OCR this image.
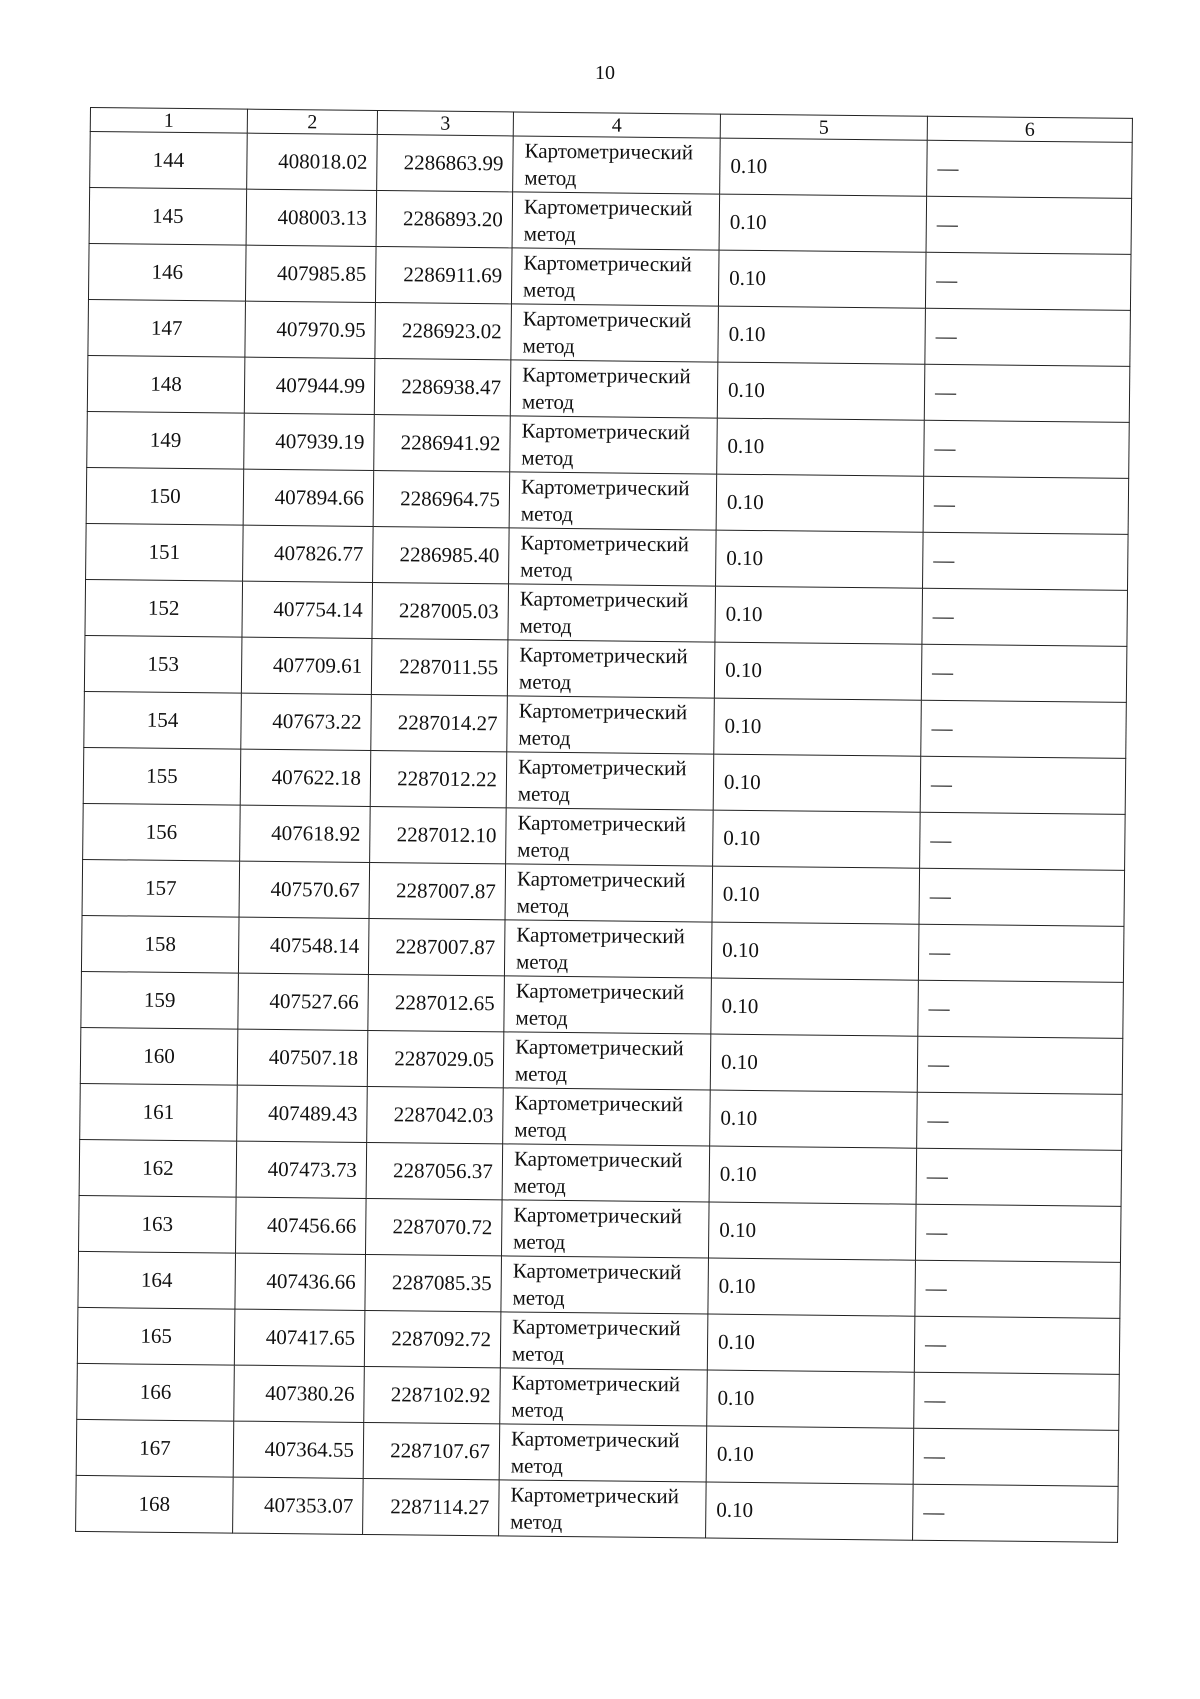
10
1	2	3	4	5	6
144	408018.02	2286863.99	Картометрический метод	0.10	—
145	408003.13	2286893.20	Картометрический метод	0.10	—
146	407985.85	2286911.69	Картометрический метод	0.10	—
147	407970.95	2286923.02	Картометрический метод	0.10	—
148	407944.99	2286938.47	Картометрический метод	0.10	—
149	407939.19	2286941.92	Картометрический метод	0.10	—
150	407894.66	2286964.75	Картометрический метод	0.10	—
151	407826.77	2286985.40	Картометрический метод	0.10	—
152	407754.14	2287005.03	Картометрический метод	0.10	—
153	407709.61	2287011.55	Картометрический метод	0.10	—
154	407673.22	2287014.27	Картометрический метод	0.10	—
155	407622.18	2287012.22	Картометрический метод	0.10	—
156	407618.92	2287012.10	Картометрический метод	0.10	—
157	407570.67	2287007.87	Картометрический метод	0.10	—
158	407548.14	2287007.87	Картометрический метод	0.10	—
159	407527.66	2287012.65	Картометрический метод	0.10	—
160	407507.18	2287029.05	Картометрический метод	0.10	—
161	407489.43	2287042.03	Картометрический метод	0.10	—
162	407473.73	2287056.37	Картометрический метод	0.10	—
163	407456.66	2287070.72	Картометрический метод	0.10	—
164	407436.66	2287085.35	Картометрический метод	0.10	—
165	407417.65	2287092.72	Картометрический метод	0.10	—
166	407380.26	2287102.92	Картометрический метод	0.10	—
167	407364.55	2287107.67	Картометрический метод	0.10	—
168	407353.07	2287114.27	Картометрический метод	0.10	—
